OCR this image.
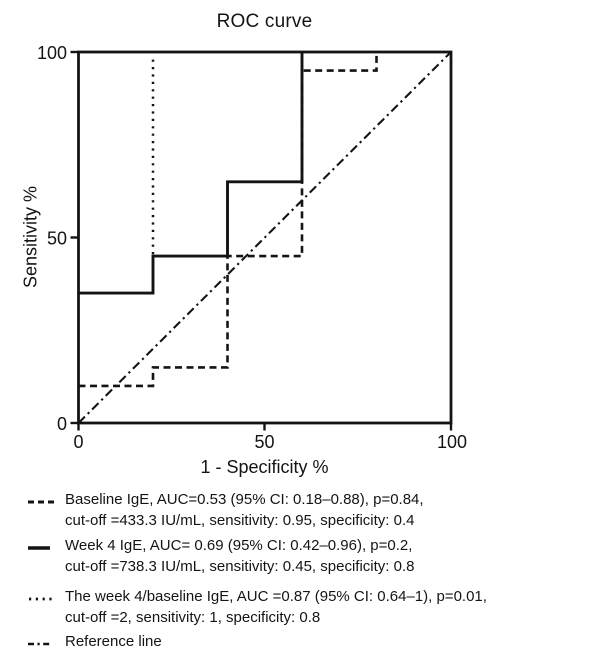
ROC curve
100
50
0
0	50	100
Sensitivity %
1 - Specificity %
Baseline IgE, AUC=0.53 (95% CI: 0.18–0.88), p=0.84,
cut-off =433.3 IU/mL, sensitivity: 0.95, specificity: 0.4
Week 4 IgE, AUC= 0.69 (95% CI: 0.42–0.96), p=0.2,
cut-off =738.3 IU/mL, sensitivity: 0.45, specificity: 0.8
The week 4/baseline IgE, AUC =0.87 (95% CI: 0.64–1), p=0.01,
cut-off =2, sensitivity: 1, specificity: 0.8
Reference line
